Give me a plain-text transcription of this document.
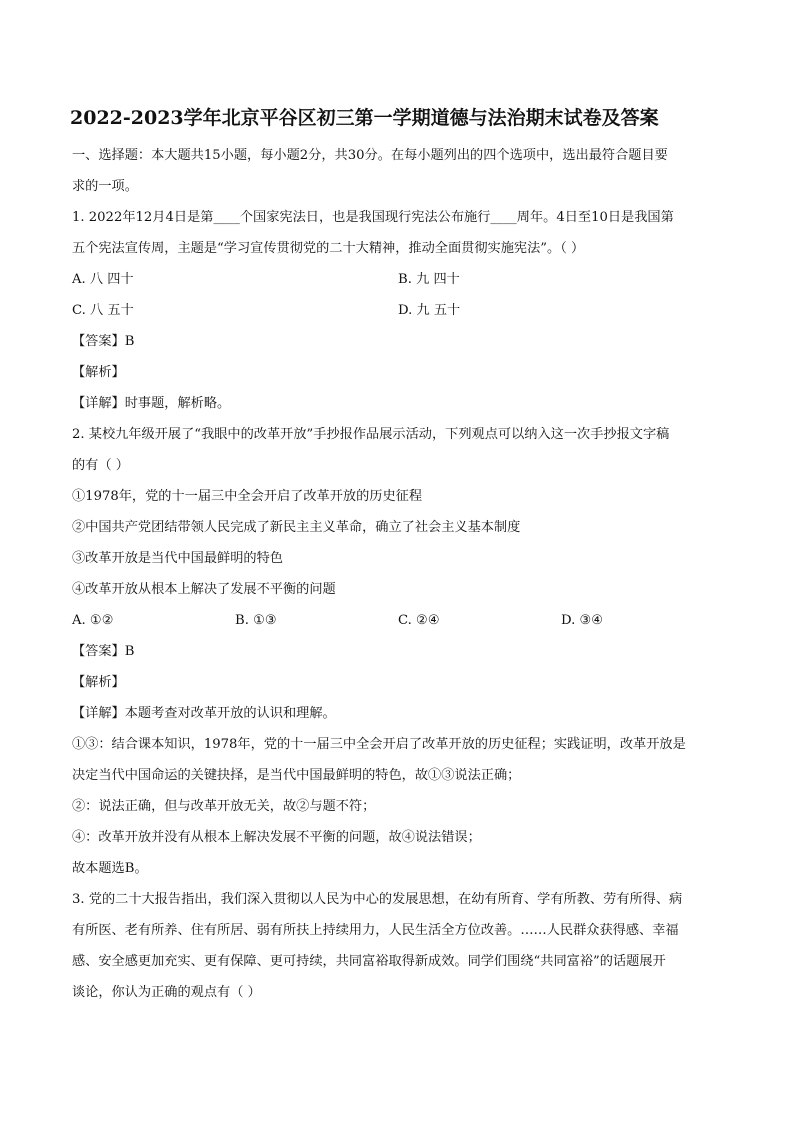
2022-2023学年北京平谷区初三第一学期道德与法治期末试卷及答案
一、选择题：本大题共15小题，每小题2分，共30分。在每小题列出的四个选项中，选出最符合题目要
求的一项。
1. 2022年12月4日是第____个国家宪法日，也是我国现行宪法公布施行____周年。4日至10日是我国第
五个宪法宣传周，主题是“学习宣传贯彻党的二十大精神，推动全面贯彻实施宪法”。（ ）
A. 八 四十	B. 九 四十
C. 八 五十	D. 九 五十
【答案】B
【解析】
【详解】时事题，解析略。
2. 某校九年级开展了“我眼中的改革开放”手抄报作品展示活动，下列观点可以纳入这一次手抄报文字稿
的有（ ）
①1978年，党的十一届三中全会开启了改革开放的历史征程
②中国共产党团结带领人民完成了新民主主义革命，确立了社会主义基本制度
③改革开放是当代中国最鲜明的特色
④改革开放从根本上解决了发展不平衡的问题
A. ①②	B. ①③	C. ②④	D. ③④
【答案】B
【解析】
【详解】本题考查对改革开放的认识和理解。
①③：结合课本知识，1978年，党的十一届三中全会开启了改革开放的历史征程；实践证明，改革开放是
决定当代中国命运的关键抉择，是当代中国最鲜明的特色，故①③说法正确；
②：说法正确，但与改革开放无关，故②与题不符；
④：改革开放并没有从根本上解决发展不平衡的问题，故④说法错误；
故本题选B。
3. 党的二十大报告指出，我们深入贯彻以人民为中心的发展思想，在幼有所育、学有所教、劳有所得、病
有所医、老有所养、住有所居、弱有所扶上持续用力，人民生活全方位改善。……人民群众获得感、幸福
感、安全感更加充实、更有保障、更可持续，共同富裕取得新成效。同学们围绕“共同富裕”的话题展开
谈论，你认为正确的观点有（ ）
